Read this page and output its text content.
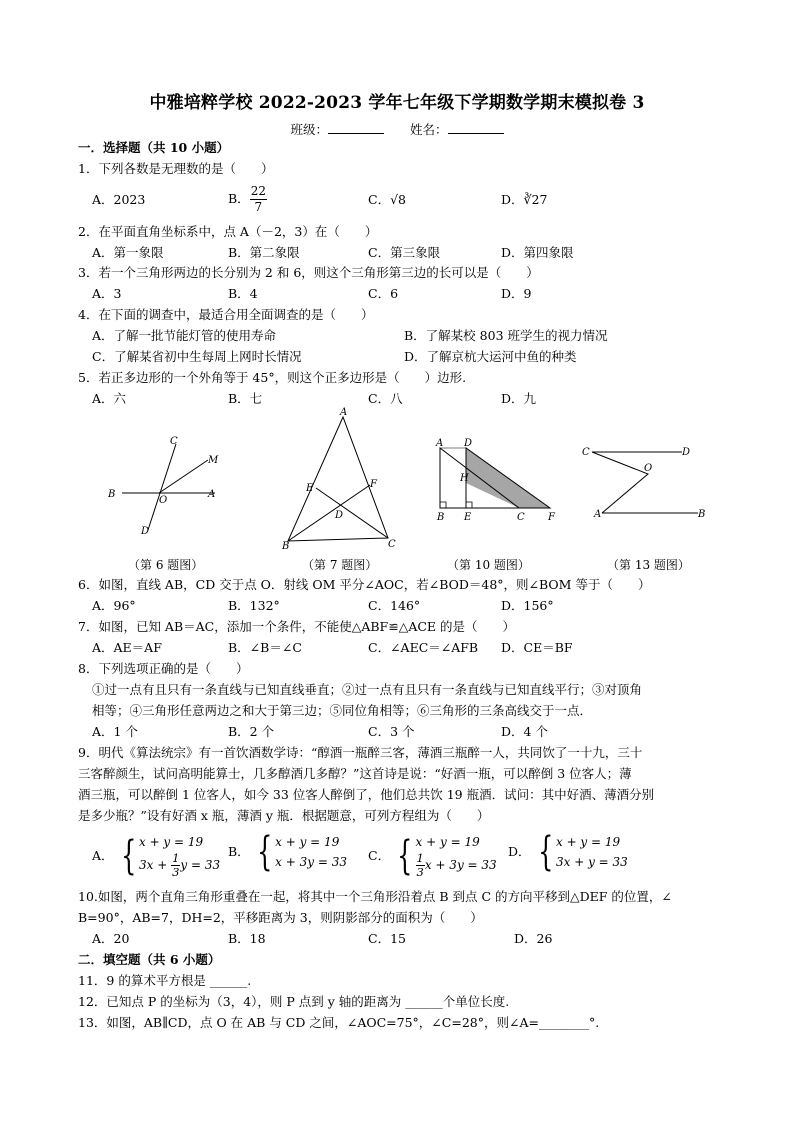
中雅培粹学校 2022-2023 学年七年级下学期数学期末模拟卷 3
班级：	姓名：
一．选择题（共 10 小题）
1．下列各数是无理数的是（　　）
A．2023	B． $\frac{22}{7}$	C．√8	D．∛27
2．在平面直角坐标系中，点 A（－2，3）在（　　）
A．第一象限	B．第二象限	C．第三象限	D．第四象限
3．若一个三角形两边的长分别为 2 和 6，则这个三角形第三边的长可以是（　　）
A．3	B．4	C．6	D．9
4．在下面的调查中，最适合用全面调查的是（　　）
A．了解一批节能灯管的使用寿命	B．了解某校 803 班学生的视力情况
C．了解某省初中生每周上网时长情况	D．了解京杭大运河中鱼的种类
5．若正多边形的一个外角等于 45°，则这个正多边形是（　　）边形.
A．六	B．七	C．八	D．九
C
M
B
O
A
D
（第 6 题图）
A
E	F
D
B	C
（第 7 题图）
A D
H
B E	C F
（第 10 题图）
C	D
O
A	B
（第 13 题图）
6．如图，直线 AB，CD 交于点 O．射线 OM 平分∠AOC，若∠BOD＝48°，则∠BOM 等于（　　）
A．96°	B．132°	C．146°	D．156°
7．如图，已知 AB＝AC，添加一个条件，不能使△ABF≌△ACE 的是（　　）
A．AE＝AF	B．∠B＝∠C	C．∠AEC＝∠AFB D．CE＝BF
8．下列选项正确的是（　　）
①过一点有且只有一条直线与已知直线垂直；②过一点有且只有一条直线与已知直线平行；③对顶角
相等；④三角形任意两边之和大于第三边；⑤同位角相等；⑥三角形的三条高线交于一点．
A．1 个	B．2 个	C．3 个	D．4 个
9．明代《算法统宗》有一首饮酒数学诗：“醇酒一瓶醉三客，薄酒三瓶醉一人，共同饮了一十九，三十
三客醉颜生，试问高明能算士，几多醇酒几多醇？”这首诗是说：“好酒一瓶，可以醉倒 3 位客人；薄
酒三瓶，可以醉倒 1 位客人，如今 33 位客人醉倒了，他们总共饮 19 瓶酒．试问：其中好酒、薄酒分别
是多少瓶？”设有好酒 x 瓶，薄酒 y 瓶．根据题意，可列方程组为（　　）
A． { x + y = 19
$3x + \frac{1}{3}$ y = 33
B． { x + y = 19
x + 3y = 33 C． { x + y = 19
$\frac{1}{3}$ x + 3y = 33
D． { x + y = 19
3x + y = 33
10.如图，两个直角三角形重叠在一起，将其中一个三角形沿着点 B 到点 C 的方向平移到△DEF 的位置，∠
B=90°，AB=7，DH=2，平移距离为 3，则阴影部分的面积为（　　）
A．20	B．18	C．15	D．26
二．填空题（共 6 小题）
11．9 的算术平方根是 ______.
12．已知点 P 的坐标为（3，4），则 P 点到 y 轴的距离为 ______个单位长度.
13．如图，AB∥CD，点 O 在 AB 与 CD 之间，∠AOC=75°，∠C=28°，则∠A=________°.
